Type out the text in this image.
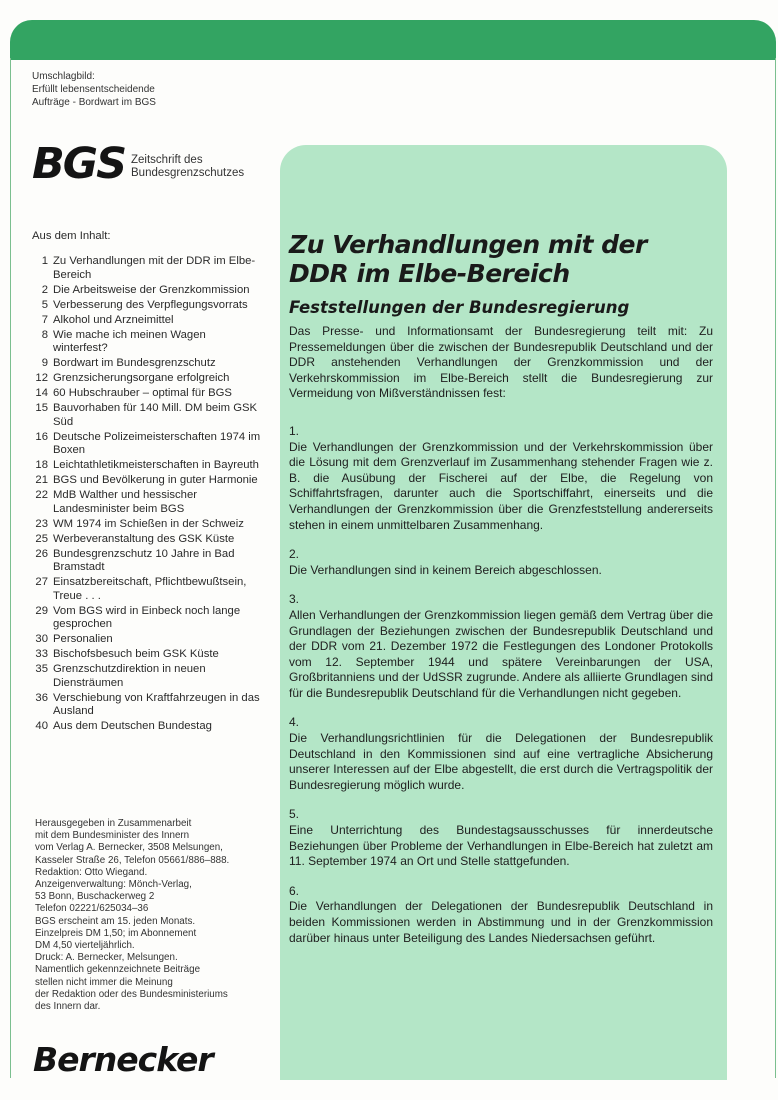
Umschlagbild:
Erfüllt lebensentscheidende
Aufträge - Bordwart im BGS
BGS Zeitschrift des
Bundesgrenzschutzes
Aus dem Inhalt:
1 Zu Verhandlungen mit der DDR im Elbe-Bereich
2 Die Arbeitsweise der Grenzkommission
5 Verbesserung des Verpflegungsvorrats
7 Alkohol und Arzneimittel
8 Wie mache ich meinen Wagen winterfest?
9 Bordwart im Bundesgrenzschutz
12 Grenzsicherungsorgane erfolgreich
14 60 Hubschrauber – optimal für BGS
15 Bauvorhaben für 140 Mill. DM beim GSK Süd
16 Deutsche Polizeimeisterschaften 1974 im Boxen
18 Leichtathletikmeisterschaften in Bayreuth
21 BGS und Bevölkerung in guter Harmonie
22 MdB Walther und hessischer Landesminister beim BGS
23 WM 1974 im Schießen in der Schweiz
25 Werbeveranstaltung des GSK Küste
26 Bundesgrenzschutz 10 Jahre in Bad Bramstadt
27 Einsatzbereitschaft, Pflichtbewußtsein, Treue . . .
29 Vom BGS wird in Einbeck noch lange gesprochen
30 Personalien
33 Bischofsbesuch beim GSK Küste
35 Grenzschutzdirektion in neuen Diensträumen
36 Verschiebung von Kraftfahrzeugen in das Ausland
40 Aus dem Deutschen Bundestag
Herausgegeben in Zusammenarbeit
mit dem Bundesminister des Innern
vom Verlag A. Bernecker, 3508 Melsungen,
Kasseler Straße 26, Telefon 05661/886–888.
Redaktion: Otto Wiegand.
Anzeigenverwaltung: Mönch-Verlag,
53 Bonn, Buschackerweg 2
Telefon 02221/625034–36
BGS erscheint am 15. jeden Monats.
Einzelpreis DM 1,50; im Abonnement
DM 4,50 vierteljährlich.
Druck: A. Bernecker, Melsungen.
Namentlich gekennzeichnete Beiträge
stellen nicht immer die Meinung
der Redaktion oder des Bundesministeriums
des Innern dar.
Bernecker
Zu Verhandlungen mit der DDR im Elbe-Bereich
Feststellungen der Bundesregierung

Das Presse- und Informationsamt der Bundesregierung teilt mit: Zu Pressemeldungen über die zwischen der Bundesrepublik Deutschland und der DDR anstehenden Verhandlungen der Grenzkommission und der Verkehrskommission im Elbe-Bereich stellt die Bundesregierung zur Vermeidung von Mißverständnissen fest:

1.
Die Verhandlungen der Grenzkommission und der Verkehrskommission über die Lösung mit dem Grenzverlauf im Zusammenhang stehender Fragen wie z. B. die Ausübung der Fischerei auf der Elbe, die Regelung von Schiffahrtsfragen, darunter auch die Sportschiffahrt, einerseits und die Verhandlungen der Grenzkommission über die Grenzfeststellung andererseits stehen in einem unmittelbaren Zusammenhang.
2.
Die Verhandlungen sind in keinem Bereich abgeschlossen.
3.
Allen Verhandlungen der Grenzkommission liegen gemäß dem Vertrag über die Grundlagen der Beziehungen zwischen der Bundesrepublik Deutschland und der DDR vom 21. Dezember 1972 die Festlegungen des Londoner Protokolls vom 12. September 1944 und spätere Vereinbarungen der USA, Großbritanniens und der UdSSR zugrunde. Andere als alliierte Grundlagen sind für die Bundesrepublik Deutschland für die Verhandlungen nicht gegeben.
4.
Die Verhandlungsrichtlinien für die Delegationen der Bundesrepublik Deutschland in den Kommissionen sind auf eine vertragliche Absicherung unserer Interessen auf der Elbe abgestellt, die erst durch die Vertragspolitik der Bundesregierung möglich wurde.
5.
Eine Unterrichtung des Bundestagsausschusses für innerdeutsche Beziehungen über Probleme der Verhandlungen in Elbe-Bereich hat zuletzt am 11. September 1974 an Ort und Stelle stattgefunden.
6.
Die Verhandlungen der Delegationen der Bundesrepublik Deutschland in beiden Kommissionen werden in Abstimmung und in der Grenzkommission darüber hinaus unter Beteiligung des Landes Niedersachsen geführt.
